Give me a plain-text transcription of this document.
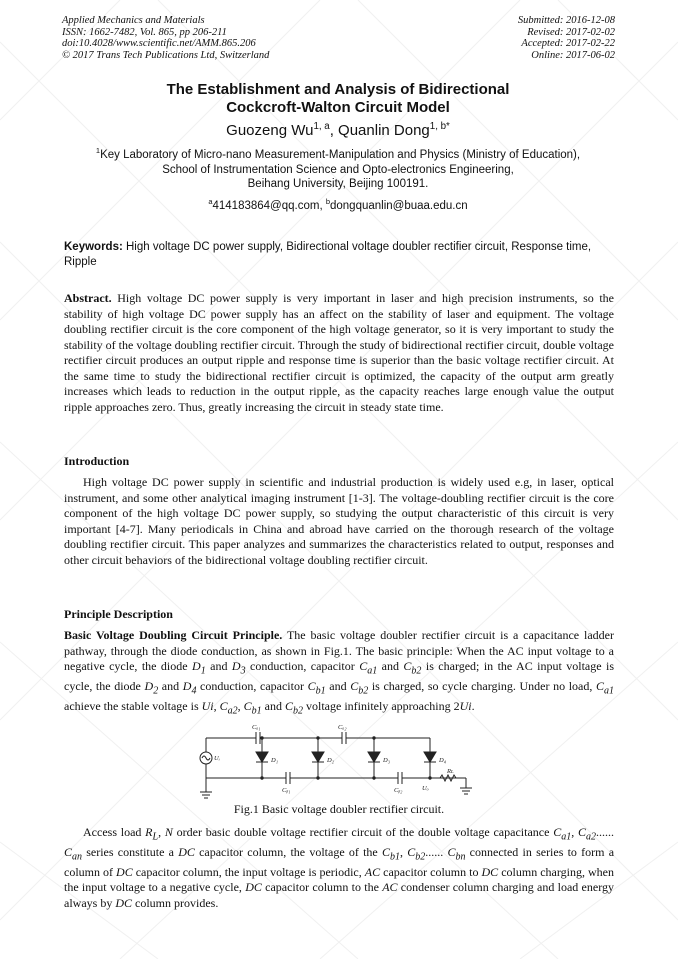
Applied Mechanics and Materials
ISSN: 1662-7482, Vol. 865, pp 206-211
doi:10.4028/www.scientific.net/AMM.865.206
© 2017 Trans Tech Publications Ltd, Switzerland
Submitted: 2016-12-08
Revised: 2017-02-02
Accepted: 2017-02-22
Online: 2017-06-02
The Establishment and Analysis of Bidirectional
Cockcroft-Walton Circuit Model
Guozeng Wu$^{1, a}$, Quanlin Dong$^{1, b*}$
$^1$Key Laboratory of Micro-nano Measurement-Manipulation and Physics (Ministry of Education),
School of Instrumentation Science and Opto-electronics Engineering,
Beihang University, Beijing 100191.
$^a$414183864@qq.com, $^b$dongquanlin@buaa.edu.cn
Keywords: High voltage DC power supply, Bidirectional voltage doubler rectifier circuit, Response time, Ripple
Abstract. High voltage DC power supply is very important in laser and high precision instruments, so the stability of high voltage DC power supply has an affect on the stability of laser and equipment. The voltage doubling rectifier circuit is the core component of the high voltage generator, so it is very important to study the stability of the voltage doubling rectifier circuit. Through the study of bidirectional rectifier circuit, double voltage rectifier circuit produces an output ripple and response time is superior than the basic voltage rectifier circuit. At the same time to study the bidirectional rectifier circuit is optimized, the capacity of the output arm greatly increases which leads to reduction in the output ripple, as the capacity reaches large enough value the output ripple approaches zero. Thus, greatly increasing the circuit in steady state time.
Introduction
High voltage DC power supply in scientific and industrial production is widely used e.g, in laser, optical instrument, and some other analytical imaging instrument [1-3]. The voltage-doubling rectifier circuit is the core component of the high voltage DC power supply, so studying the output characteristic of this circuit is very important [4-7]. Many periodicals in China and abroad have carried on the thorough research of the voltage doubling rectifier circuit. This paper analyzes and summarizes the characteristics related to output, responses and other circuit behaviors of the bidirectional voltage doubling rectifier circuit.
Principle Description
Basic Voltage Doubling Circuit Principle. The basic voltage doubler rectifier circuit is a capacitance ladder pathway, through the diode conduction, as shown in Fig.1. The basic principle: When the AC input voltage to a negative cycle, the diode $D_1$ and $D_3$ conduction, capacitor $C_{a1}$ and $C_{b2}$ is charged; in the AC input voltage is cycle, the diode $D_2$ and $D_4$ conduction, capacitor $C_{b1}$ and $C_{b2}$ is charged, so cycle charging. Under no load, $C_{a1}$ achieve the stable voltage is Ui, $C_{a2}$, $C_{b1}$ and $C_{b2}$ voltage infinitely approaching 2Ui.
Cₐ₁	Cₐ₂
Cᵦ₁	Cᵦ₂
D₁	D₂	D₃	D₄
Uᵢ
Uₒ
Rʟ
Fig.1 Basic voltage doubler rectifier circuit.
Access load $R_L$, N order basic double voltage rectifier circuit of the double voltage capacitance $C_{a1}$, $C_{a2}$...... $C_{an}$ series constitute a DC capacitor column, the voltage of the $C_{b1}$, $C_{b2}$...... $C_{bn}$ connected in series to form a column of DC capacitor column, the input voltage is periodic, AC capacitor column to DC column charging, when the input voltage to a negative cycle, DC capacitor column to the AC condenser column charging and load energy always by DC column provides.
